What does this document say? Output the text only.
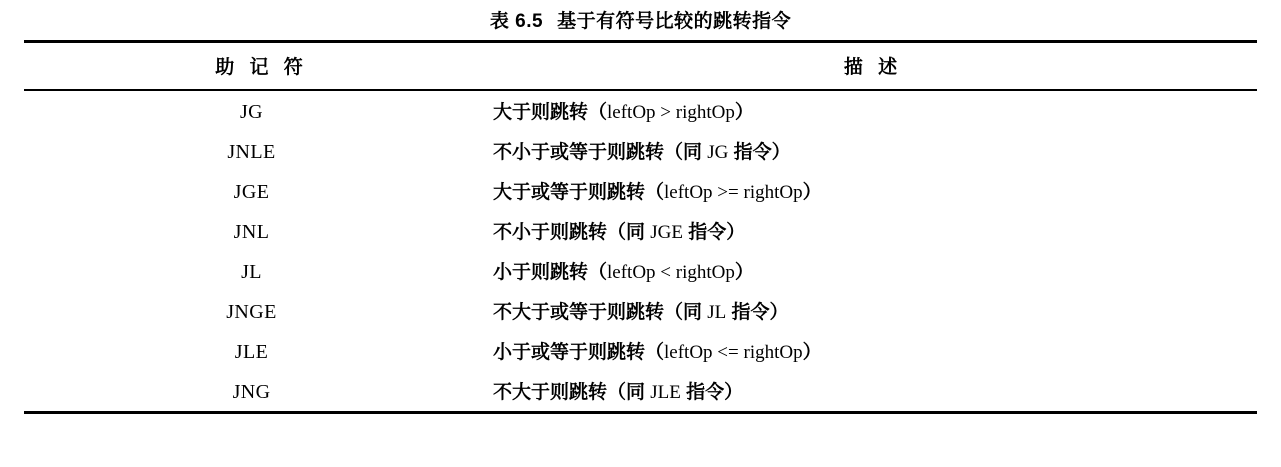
表 6.5 基于有符号比较的跳转指令
助 记 符	描 述
JG	大于则跳转（leftOp > rightOp）
JNLE	不小于或等于则跳转（同 JG 指令）
JGE	大于或等于则跳转（leftOp >= rightOp）
JNL	不小于则跳转（同 JGE 指令）
JL	小于则跳转（leftOp < rightOp）
JNGE	不大于或等于则跳转（同 JL 指令）
JLE	小于或等于则跳转（leftOp <= rightOp）
JNG	不大于则跳转（同 JLE 指令）
